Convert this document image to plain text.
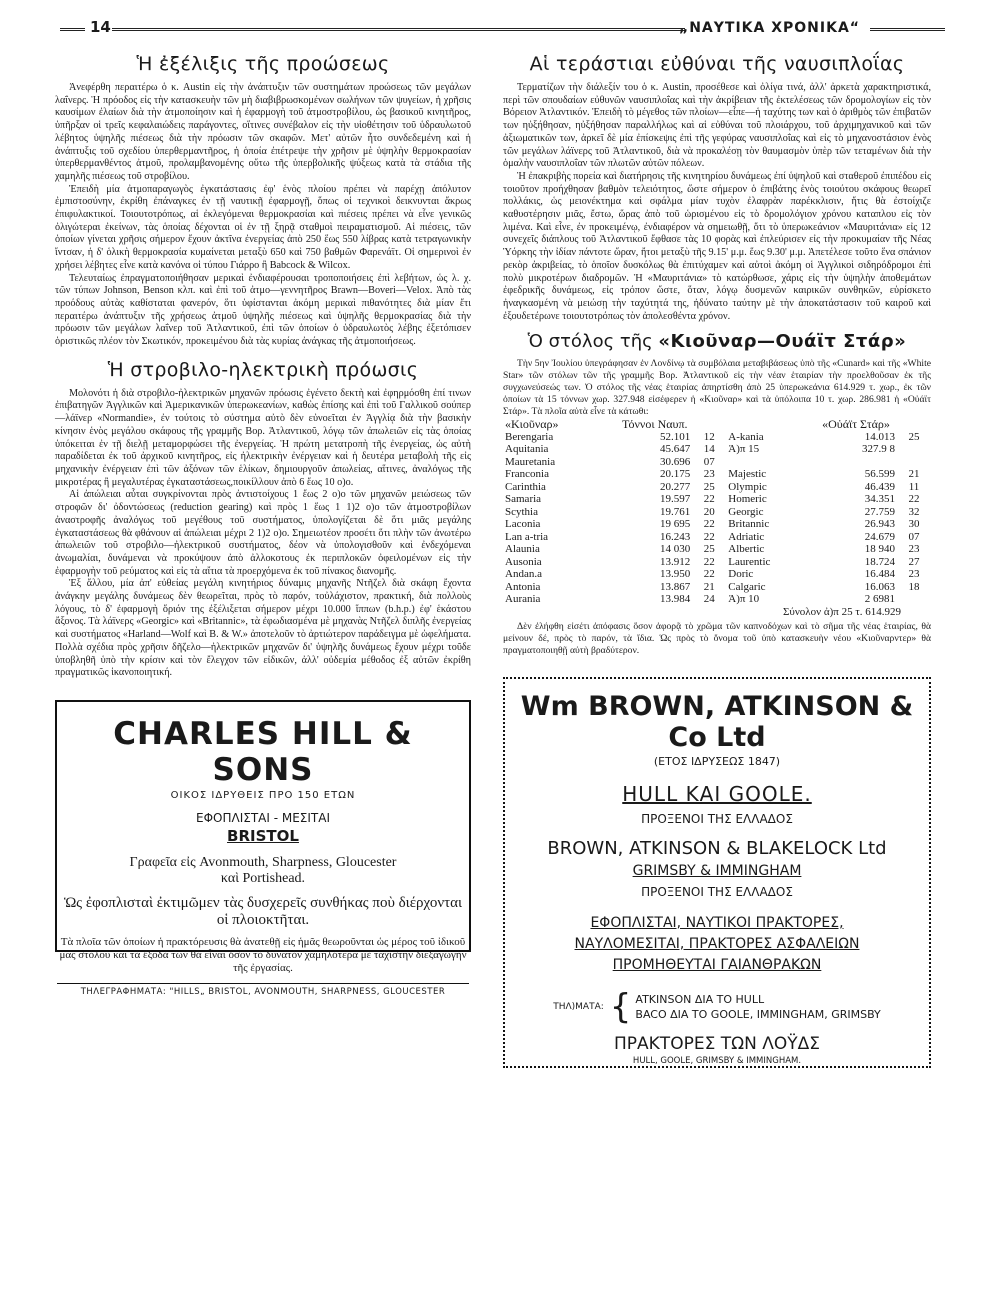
14	„ΝΑΥΤΙΚΑ ΧΡΟΝΙΚΑ“
Ἡ ἐξέλιξις τῆς προώσεως

Ἀνεφέρθη περαιτέρω ὁ κ. Austin εἰς τὴν ἀνάπτυξιν τῶν συστημάτων προώσεως τῶν μεγάλων λαΐνερς. Ἡ πρόοδος εἰς τὴν κατασκευὴν τῶν μὴ διαβιβρωσκομένων σωλήνων τῶν ψυγείων, ἡ χρῆσις καυσίμων ἐλαίων διὰ τὴν ἀτμοποίησιν καὶ ἡ ἐφαρμογὴ τοῦ ἀτμοστροβίλου, ὡς βασικοῦ κινητῆρος, ὑπῆρξαν οἱ τρεῖς κεφαλαιώδεις παράγοντες, οἵτινες συνέβαλον εἰς τὴν υἱοθέτησιν τοῦ ὑδραυλωτοῦ λέβητος ὑψηλῆς πιέσεως διὰ τὴν πρόωσιν τῶν σκαφῶν. Μετ' αὐτῶν ἦτο συνδεδεμένη καὶ ἡ ἀνάπτυξις τοῦ σχεδίου ὑπερθερμαντῆρος, ἡ ὁποία ἐπέτρεψε τὴν χρῆσιν μὲ ὑψηλὴν θερμοκρασίαν ὑπερθερμανθέντος ἀτμοῦ, προλαμβανομένης οὕτω τῆς ὑπερβολικῆς ψύξεως κατὰ τὰ στάδια τῆς χαμηλῆς πιέσεως τοῦ στροβίλου.

Ἐπειδὴ μία ἀτμοπαραγωγὸς ἐγκατάστασις ἐφ' ἑνὸς πλοίου πρέπει νὰ παρέχῃ ἀπόλυτον ἐμπιστοσύνην, ἐκρίθη ἐπάναγκες ἐν τῇ ναυτικῇ ἐφαρμογῇ, ὅπως οἱ τεχνικοὶ δεικνυνται ἄκρως ἐπιφυλακτικοί. Τοιουτοτρόπως, αἱ ἐκλεγόμεναι θερμοκρασίαι καὶ πιέσεις πρέπει νὰ εἶνε γενικῶς ὀλιγώτεραι ἐκείνων, τὰς ὁποίας δέχονται οἱ ἐν τῇ ξηρᾷ σταθμοὶ πειραματισμοῦ. Αἱ πιέσεις, τῶν ὁποίων γίνεται χρῆσις σήμερον ἔχουν ἀκτῖνα ἐνεργείας ἀπὸ 250 ἕως 550 λίβρας κατὰ τετραγωνικὴν ἴντσαν, ἡ δ' ὁλικὴ θερμοκρασία κυμαίνεται μεταξὺ 650 καὶ 750 βαθμῶν Φαρενάϊτ. Οἱ σημερινοὶ ἐν χρήσει λέβητες εἶνε κατὰ κανόνα οἱ τύπου Γιάρρο ἢ Babcock & Wilcox.

Τελευταίως ἐπραγματοποιήθησαν μερικαὶ ἐνδιαφέρουσαι τροποποιήσεις ἐπὶ λεβήτων, ὡς λ. χ. τῶν τύπων Johnson, Benson κλπ. καὶ ἐπὶ τοῦ ἀτμο—γεννητῆρος Brawn—Boveri—Velox. Ἀπὸ τὰς προόδους αὐτὰς καθίσταται φανερόν, ὅτι ὑφίστανται ἀκόμη μερικαὶ πιθανότητες διὰ μίαν ἔτι περαιτέρω ἀνάπτυξιν τῆς χρήσεως ἀτμοῦ ὑψηλῆς πιέσεως καὶ ὑψηλῆς θερμοκρασίας διὰ τὴν πρόωσιν τῶν μεγάλων λαΐνερ τοῦ Ἀτλαντικοῦ, ἐπὶ τῶν ὁποίων ὁ ὑδραυλωτὸς λέβης ἐξετόπισεν ὁριστικῶς πλέον τὸν Σκωτικόν, προκειμένου διὰ τὰς κυρίας ἀνάγκας τῆς ἀτμοποιήσεως.

Ἡ στροβιλο-ηλεκτρικὴ πρόωσις

Μολονότι ἡ διὰ στροβιλο-ἠλεκτρικῶν μηχανῶν πρόωσις ἐγένετο δεκτὴ καὶ ἐφηρμόσθη ἐπί τινων ἐπιβατηγῶν Ἀγγλικῶν καὶ Ἀμερικανικῶν ὑπερωκεανίων, καθὼς ἐπίσης καὶ ἐπὶ τοῦ Γαλλικοῦ σούπερ—λάϊνερ «Normandie», ἐν τούτοις τὸ σύστημα αὐτὸ δὲν εὐνοεῖται ἐν Ἀγγλίᾳ διὰ τὴν βασικὴν κίνησιν ἑνὸς μεγάλου σκάφους τῆς γραμμῆς Βορ. Ἀτλαντικοῦ, λόγῳ τῶν ἀπωλειῶν εἰς τὰς ὁποίας ὑπόκειται ἐν τῇ διελῇ μεταμορφώσει τῆς ἐνεργείας. Ἡ πρώτη μετατροπὴ τῆς ἐνεργείας, ὡς αὐτὴ παραδίδεται ἐκ τοῦ ἀρχικοῦ κινητῆρος, εἰς ἠλεκτρικὴν ἐνέργειαν καὶ ἡ δευτέρα μεταβολὴ τῆς εἰς μηχανικὴν ἐνέργειαν ἐπὶ τῶν ἀξόνων τῶν ἑλίκων, δημιουργοῦν ἀπωλείας, αἵτινες, ἀναλόγως τῆς μικροτέρας ἢ μεγαλυτέρας ἐγκαταστάσεως,ποικίλλουν ἀπὸ 6 ἕως 10 ο)ο.

Αἱ ἀπώλειαι αὗται συγκρίνονται πρὸς ἀντιστοίχους 1 ἕως 2 ο)ο τῶν μηχανῶν μειώσεως τῶν στροφῶν δι' ὀδοντώσεως (reduction gearing) καὶ πρὸς 1 ἕως 1 1)2 ο)ο τῶν ἀτμοστροβίλων ἀναστροφῆς ἀναλόγως τοῦ μεγέθους τοῦ συστήματος, ὑπολογίζεται δὲ ὅτι μιᾶς μεγάλης ἐγκαταστάσεως θὰ φθάνουν αἱ ἀπώλειαι μέχρι 2 1)2 ο)ο. Σημειωτέον προσέτι ὅτι πλὴν τῶν ἀνωτέρω ἀπωλειῶν τοῦ στροβιλο—ἠλεκτρικοῦ συστήματος, δέον νὰ ὑπολογισθοῦν καὶ ἐνδεχόμεναι ἀνωμαλίαι, δυνάμεναι νὰ προκύψουν ἀπὸ ἀλλοκοτους ἐκ περιπλοκῶν ὀφειλομένων εἰς τὴν ἐφαρμογὴν τοῦ ρεύματος καὶ εἰς τὰ αἴτια τὰ προερχόμενα ἐκ τοῦ πίνακος διανομῆς.

Ἐξ ἄλλου, μία ἀπ' εὐθείας μεγάλη κινητήριος δύναμις μηχανῆς Ντῆζελ διὰ σκάφη ἔχοντα ἀνάγκην μεγάλης δυνάμεως δὲν θεωρεῖται, πρὸς τὸ παρόν, τοὐλάχιστον, πρακτική, διὰ πολλοὺς λόγους, τὸ δ' ἐφαρμογὴ ὅριόν της ἐξέλιξεται σήμερον μέχρι 10.000 ἵππων (b.h.p.) ἐφ' ἑκάστου ἄξονος. Τὰ λάϊνερς «Georgic» καὶ «Britannic», τὰ ἐφωδιασμένα μὲ μηχανὰς Ντῆζελ διπλῆς ἐνεργείας καὶ συστήματος «Harland—Wolf καὶ B. & W.» ἀποτελοῦν τὸ ἀρτιώτερον παράδειγμα μὲ ὠφελήματα. Πολλὰ σχέδια πρὸς χρῆσιν δῆζελο—ἠλεκτρικῶν μηχανῶν δι' ὑψηλῆς δυνάμεως ἔχουν μέχρι τοῦδε ὑποβληθῆ ὑπὸ τὴν κρίσιν καὶ τὸν ἔλεγχον τῶν εἰδικῶν, ἀλλ' οὐδεμία μέθοδος ἐξ αὐτῶν ἐκρίθη πραγματικῶς ἱκανοποιητική.

CHARLES HILL & SONS
ΟΙΚΟΣ ΙΔΡΥΘΕΙΣ ΠΡΟ 150 ΕΤΩΝ
ΕΦΟΠΛΙΣΤΑΙ - ΜΕΣΙΤΑΙ
BRISTOL
Γραφεῖα εἰς Avonmouth, Sharpness, Gloucester
καὶ Portishead.
Ὡς ἐφοπλισταὶ ἐκτιμῶμεν τὰς δυσχερεῖς συνθήκας ποὺ διέρχονται οἱ πλοιοκτῆται.
Τὰ πλοῖα τῶν ὁποίων ἡ πρακτόρευσις θὰ ἀνατεθῇ εἰς ἡμᾶς θεωροῦνται ὡς μέρος τοῦ ἰδικοῦ μας στόλου καὶ τὰ ἔξοδά των θὰ εἶναι ὅσον τὸ δυνατὸν χαμηλότερα μὲ ταχίστην διεξαγωγὴν τῆς ἐργασίας.
ΤΗΛΕΓΡΑΦΗΜΑΤΑ: "HILLS„ BRISTOL, AVONMOUTH, SHARPNESS, GLOUCESTER
Αἱ τεράστιαι εὐθύναι τῆς ναυσιπλοΐας

Τερματίζων τὴν διάλεξίν του ὁ κ. Austin, προσέθεσε καὶ ὀλίγα τινά, ἀλλ' ἀρκετὰ χαρακτηριστικά, περὶ τῶν σπουδαίων εὐθυνῶν ναυσιπλοΐας καὶ τὴν ἀκρίβειαν τῆς ἐκτελέσεως τῶν δρομολογίων εἰς τὸν Βόρειον Ἀτλαντικόν. Ἐπειδὴ τὸ μέγεθος τῶν πλοίων—εἶπε—ἡ ταχύτης των καὶ ὁ ἀριθμὸς τῶν ἐπιβατῶν των ηὐξήθησαν, ηὐξήθησαν παραλλήλως καὶ αἱ εὐθύναι τοῦ πλοιάρχου, τοῦ ἀρχιμηχανικοῦ καὶ τῶν ἀξιωματικῶν των, ἀρκεῖ δὲ μία ἐπίσκεψις ἐπὶ τῆς γεφύρας ναυσιπλοΐας καὶ εἰς τὸ μηχανοστάσιον ἑνὸς τῶν μεγάλων λάϊνερς τοῦ Ἀτλαντικοῦ, διὰ νὰ προκαλέσῃ τὸν θαυμασμὸν ὑπὲρ τῶν τεταμένων διὰ τὴν ὁμαλὴν ναυσιπλοΐαν τῶν πλωτῶν αὐτῶν πόλεων.

Ἡ ἐπακριβὴς πορεία καὶ διατήρησις τῆς κινητηρίου δυνάμεως ἐπί ὑψηλοῦ καὶ σταθεροῦ ἐπιπέδου εἰς τοιοῦτον προήχθησαν βαθμὸν τελειότητος, ὥστε σήμερον ὁ ἐπιβάτης ἑνὸς τοιούτου σκάφους θεωρεῖ πολλάκις, ὡς μειονέκτημα καὶ σφάλμα μίαν τυχὸν ἐλαφρὰν παρέκκλισιν, ἥτις θὰ ἐστοίχιζε καθυστέρησιν μιᾶς, ἔστω, ὥρας ἀπὸ τοῦ ὡρισμένου εἰς τὸ δρομολόγιον χρόνου καταπλου εἰς τὸν λιμένα. Καὶ εἶνε, ἐν προκειμένῳ, ἐνδιαφέρον νὰ σημειωθῇ, ὅτι τὸ ὑπερωκεάνιον «Μαυριτάνια» εἰς 12 συνεχεῖς διάπλους τοῦ Ἀτλαντικοῦ ἔφθασε τὰς 10 φορὰς καὶ ἐπλεύρισεν εἰς τὴν προκυμαίαν τῆς Νέας Ὑόρκης τὴν ἰδίαν πάντοτε ὥραν, ἤτοι μεταξὺ τῆς 9.15' μ.μ. ἕως 9.30' μ.μ. Ἀπετέλεσε τοῦτο ἕνα σπάνιον ρεκὸρ ἀκριβείας, τὸ ὁποῖον δυσκόλως θὰ ἐπιτύχαμεν καὶ αὐτοὶ ἀκόμη οἱ Ἀγγλικοὶ σιδηρόδρομοι ἐπὶ πολὺ μικροτέρων διαδρομῶν. Ἡ «Μαυριτάνια» τὸ κατώρθωσε, χάρις εἰς τὴν ὑψηλὴν ἀποθεμάτων ἐφεδρικῆς δυνάμεως, εἰς τρόπον ὥστε, ὅταν, λόγῳ δυσμενῶν καιρικῶν συνθηκῶν, εὑρίσκετο ἠναγκασμένη νὰ μειώσῃ τὴν ταχύτητά της, ἠδύνατο ταύτην μὲ τὴν ἀποκατάστασιν τοῦ καιροῦ καὶ ἐξουδετέρωνε τοιουτοτρόπως τὸν ἀπολεσθέντα χρόνον.

Ὁ στόλος τῆς «Κιοῦναρ—Ουάϊτ Στάρ»

Τὴν 5ην Ἰουλίου ὑπεγράφησαν ἐν Λονδίνῳ τὰ συμβόλαια μεταβιβάσεως ὑπὸ τῆς «Cunard» καὶ τῆς «White Star» τῶν στόλων τῶν τῆς γραμμῆς Βορ. Ἀτλαντικοῦ εἰς τὴν νέαν ἑταιρίαν τὴν προελθοῦσαν ἐκ τῆς συγχωνεύσεώς των. Ὁ στόλος τῆς νέας ἑταιρίας ἀπηρτίσθη ἀπὸ 25 ὑπερωκεάνια 614.929 τ. χωρ., ἐκ τῶν ὁποίων τὰ 15 τόννων χωρ. 327.948 εἰσέφερεν ἡ «Κιοῦναρ» καὶ τὰ ὑπόλοιπα 10 τ. χωρ. 286.981 ἡ «Οὐάϊτ Στάρ». Τὰ πλοῖα αὐτὰ εἶνε τὰ κάτωθι:

«Κιοῦναρ»	Τόννοι Ναυπ.			«Οὐάϊτ Στάρ»	
Berengaria	52.101	12	A-kania	14.013	25
Aquitania	45.647	14	Ἀ)π 15	327.9 8	
Mauretania	30.696	07			
Franconia	20.175	23	Majestic	56.599	21
Carinthia	20.277	25	Olympic	46.439	11
Samaria	19.597	22	Homeric	34.351	22
Scythia	19.761	20	Georgic	27.759	32
Laconia	19 695	22	Britannic	26.943	30
Lan a-tria	16.243	22	Adriatic	24.679	07
Alaunia	14 030	25	Albertic	18 940	23
Ausonia	13.912	22	Laurentic	18.724	27
Andan.a	13.950	22	Doric	16.484	23
Antonia	13.867	21	Calgaric	16.063	18
Aurania	13.984	24	Ἀ)π 10	2 6981	
Σύνολον ἀ)π 25 τ. 614.929

Δὲν ἐλήφθη εἰσέτι ἀπόφασις ὅσον ἀφορᾷ τὸ χρῶμα τῶν καπνοδόχων καὶ τὸ σῆμα τῆς νέας ἑταιρίας, θὰ μείνουν δέ, πρὸς τὸ παρόν, τὰ ἴδια. Ὡς πρὸς τὸ ὄνομα τοῦ ὑπὸ κατασκευὴν νέου «Κιοῦναρντερ» θὰ πραγματοποιηθῇ αὐτὴ βραδύτερον.

Wm BROWN, ATKINSON & Co Ltd
(ΕΤΟΣ ΙΔΡΥΣΕΩΣ 1847)
HULL ΚΑΙ GOOLE.
ΠΡΟΞΕΝΟΙ ΤΗΣ ΕΛΛΑΔΟΣ
BROWN, ATKINSON & BLAKELOCK Ltd
GRIMSBY & IMMINGHAM
ΠΡΟΞΕΝΟΙ ΤΗΣ ΕΛΛΑΔΟΣ
ΕΦΟΠΛΙΣΤΑΙ, ΝΑΥΤΙΚΟΙ ΠΡΑΚΤΟΡΕΣ,
ΝΑΥΛΟΜΕΣΙΤΑΙ, ΠΡΑΚΤΟΡΕΣ ΑΣΦΑΛΕΙΩΝ
ΠΡΟΜΗΘΕΥΤΑΙ ΓΑΙΑΝΘΡΑΚΩΝ
ΤΗΛ)ΜΑΤΑ: { ATKINSON ΔΙΑ ΤΟ HULL
BACO ΔΙΑ ΤΟ GOOLE, IMMINGHAM, GRIMSBY
ΠΡΑΚΤΟΡΕΣ ΤΩΝ ΛΟΫΔΣ
HULL, GOOLE, GRIMSBY & IMMINGHAM.
